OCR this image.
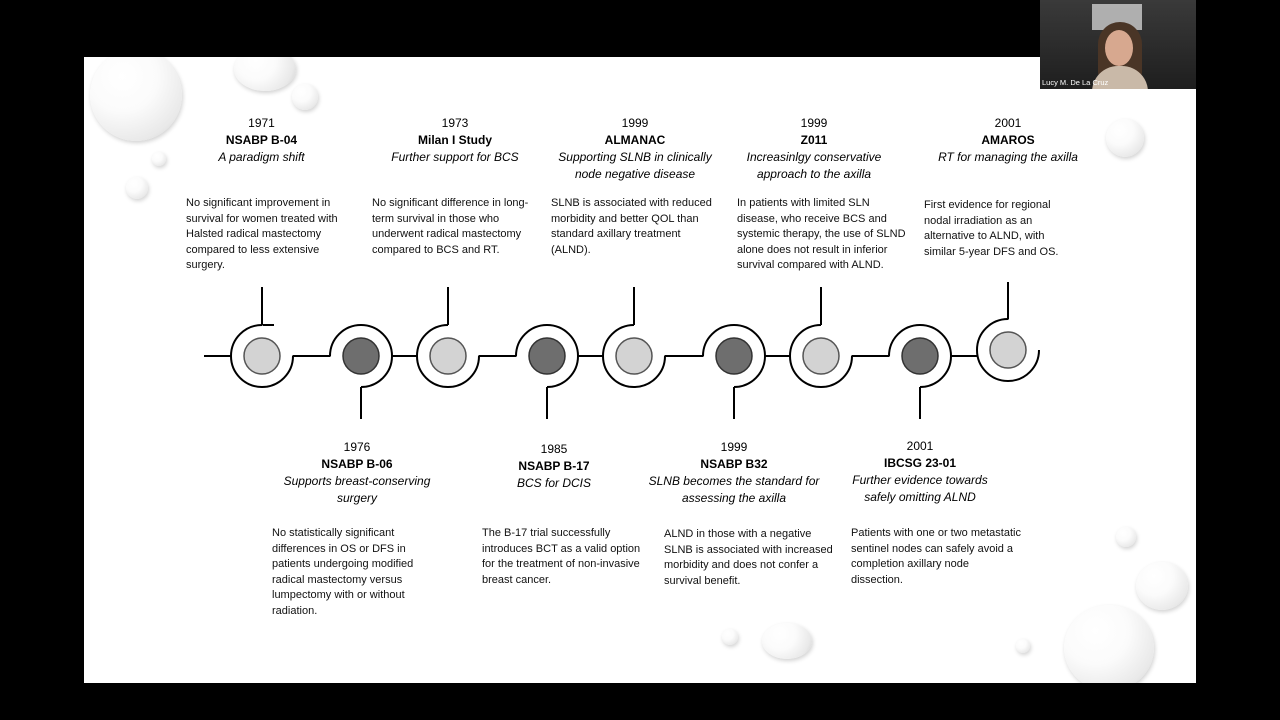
1971
NSABP B-04
A paradigm shift
No significant improvement in survival for women treated with Halsted radical mastectomy compared to less extensive surgery.
1973
Milan I Study
Further support for BCS
No significant difference in long-term survival in those who underwent radical mastectomy compared to BCS and RT.
1999
ALMANAC
Supporting SLNB in clinically node negative disease
SLNB is associated with reduced morbidity and better QOL than standard axillary treatment (ALND).
1999
Z011
Increasinlgy conservative approach to the axilla
In patients with limited SLN disease, who receive BCS and systemic therapy, the use of SLND alone does not result in inferior survival compared with ALND.
2001
AMAROS
RT for managing the axilla
First evidence for regional nodal irradiation as an alternative to ALND, with similar 5-year DFS and OS.
1976
NSABP B-06
Supports breast-conserving surgery
No statistically significant differences in OS or DFS in patients undergoing modified radical mastectomy versus lumpectomy with or without radiation.
1985
NSABP B-17
BCS for DCIS
The B-17 trial successfully introduces BCT as a valid option for the treatment of non-invasive breast cancer.
1999
NSABP B32
SLNB becomes the standard for assessing the axilla
ALND in those with a negative SLNB is associated with increased morbidity and does not confer a survival benefit.
2001
IBCSG 23-01
Further evidence towards safely omitting ALND
Patients with one or two metastatic sentinel nodes can safely avoid a completion axillary node dissection.
Lucy M. De La Cruz
